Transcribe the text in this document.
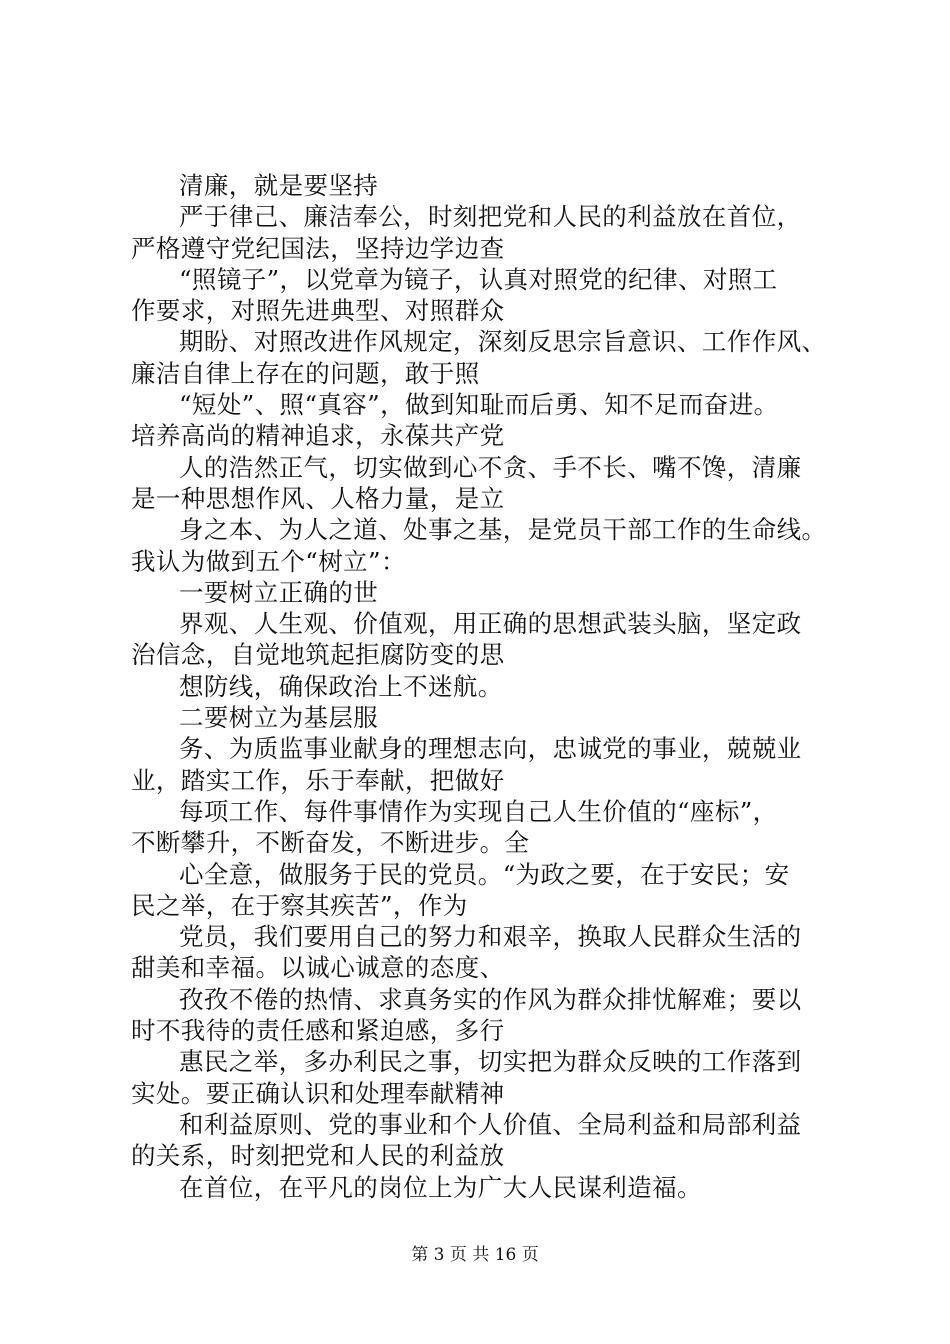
清廉，就是要坚持
严于律己、廉洁奉公，时刻把党和人民的利益放在首位，
严格遵守党纪国法，坚持边学边查
“照镜子”，以党章为镜子，认真对照党的纪律、对照工
作要求，对照先进典型、对照群众
期盼、对照改进作风规定，深刻反思宗旨意识、工作作风、
廉洁自律上存在的问题，敢于照
“短处”、照“真容”，做到知耻而后勇、知不足而奋进。
培养高尚的精神追求，永葆共产党
人的浩然正气，切实做到心不贪、手不长、嘴不馋，清廉
是一种思想作风、人格力量，是立
身之本、为人之道、处事之基，是党员干部工作的生命线。
我认为做到五个“树立”：
一要树立正确的世
界观、人生观、价值观，用正确的思想武装头脑，坚定政
治信念，自觉地筑起拒腐防变的思
想防线，确保政治上不迷航。
二要树立为基层服
务、为质监事业献身的理想志向，忠诚党的事业，兢兢业
业，踏实工作，乐于奉献，把做好
每项工作、每件事情作为实现自己人生价值的“座标”，
不断攀升，不断奋发，不断进步。全
心全意，做服务于民的党员。“为政之要，在于安民；安
民之举，在于察其疾苦”，作为
党员，我们要用自己的努力和艰辛，换取人民群众生活的
甜美和幸福。以诚心诚意的态度、
孜孜不倦的热情、求真务实的作风为群众排忧解难；要以
时不我待的责任感和紧迫感，多行
惠民之举，多办利民之事，切实把为群众反映的工作落到
实处。要正确认识和处理奉献精神
和利益原则、党的事业和个人价值、全局利益和局部利益
的关系，时刻把党和人民的利益放
在首位，在平凡的岗位上为广大人民谋利造福。
第 3 页 共 16 页
